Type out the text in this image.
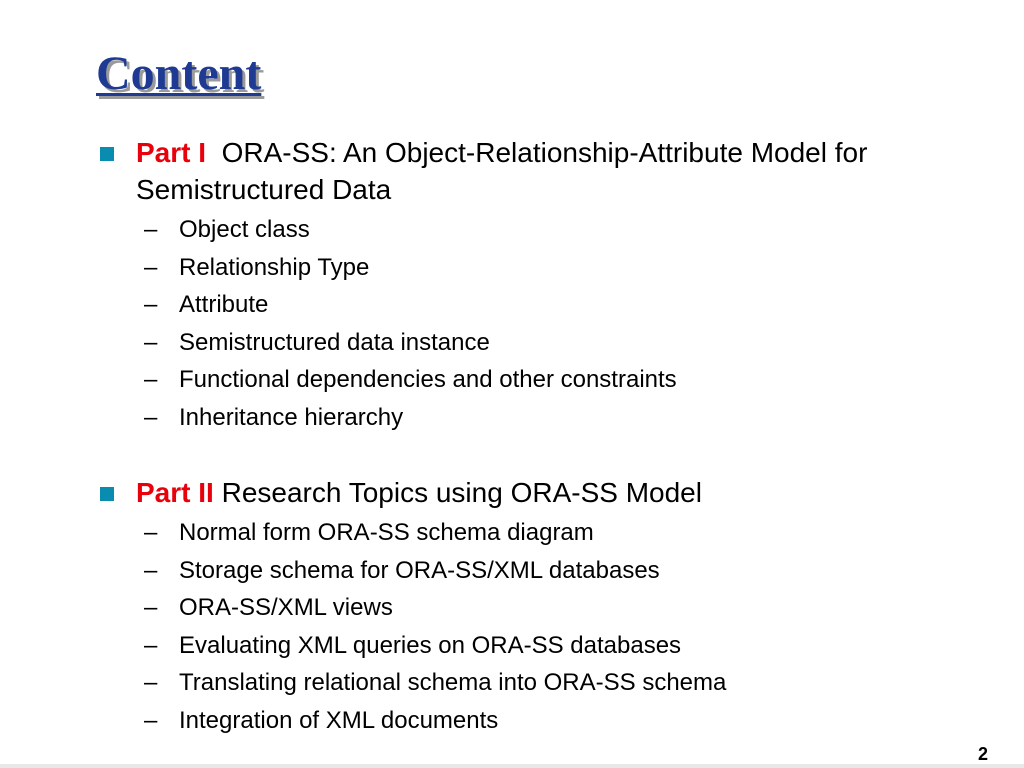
Content
Part I ORA-SS: An Object-Relationship-Attribute Model for Semistructured Data
– Object class
– Relationship Type
– Attribute
– Semistructured data instance
– Functional dependencies and other constraints
– Inheritance hierarchy
Part II Research Topics using ORA-SS Model
– Normal form ORA-SS schema diagram
– Storage schema for ORA-SS/XML databases
– ORA-SS/XML views
– Evaluating XML queries on ORA-SS databases
– Translating relational schema into ORA-SS schema
– Integration of XML documents
2
